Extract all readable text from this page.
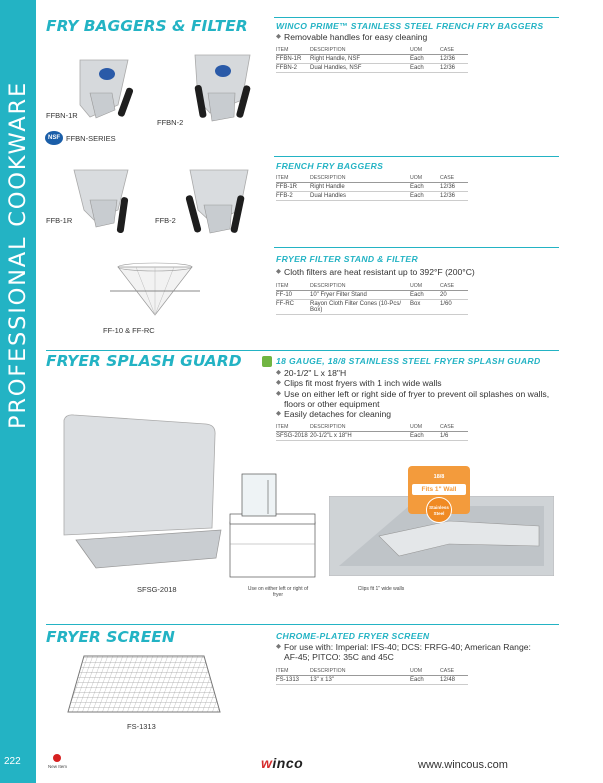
PROFESSIONAL COOKWARE
222
FRY BAGGERS & FILTER
FFBN-1R
FFBN-2
NSF FFBN-SERIES
WINCO PRIME™ STAINLESS STEEL FRENCH FRY BAGGERS
◆ Removable handles for easy cleaning
ITEM	DESCRIPTION	UOM	CASE
FFBN-1R	Right Handle, NSF	Each	12/36
FFBN-2	Dual Handles, NSF	Each	12/36
FFB-1R	FFB-2
FRENCH FRY BAGGERS
ITEM	DESCRIPTION	UOM	CASE
FFB-1R	Right Handle	Each	12/36
FFB-2	Dual Handles	Each	12/36
FF-10 & FF-RC
FRYER FILTER STAND & FILTER
◆ Cloth filters are heat resistant up to 392°F (200°C)
ITEM	DESCRIPTION	UOM	CASE
FF-10	10" Fryer Filter Stand	Each	20
FF-RC	Rayon Cloth Filter Cones (10-Pcs/ Box)	Box	1/60
FRYER SPLASH GUARD	18 GAUGE, 18/8 STAINLESS STEEL FRYER SPLASH GUARD
◆ 20-1/2" L x 18"H
◆ Clips fit most fryers with 1 inch wide walls
◆ Use on either left or right side of fryer to prevent oil splashes on walls, floors or other equipment
◆ Easily detaches for cleaning
ITEM	DESCRIPTION	UOM	CASE
SFSG-2018	20-1/2"L x 18"H	Each	1/6
SFSG-2018	Use on either left or right of fryer
Clips fit 1" wide walls
18/8
Fits 1" Wall
Stainless Steel
FRYER SCREEN	CHROME-PLATED FRYER SCREEN
◆ For use with: Imperial: IFS-40; DCS: FRFG-40; American Range: AF-45; PITCO: 35C and 45C
ITEM	DESCRIPTION	UOM	CASE
FS-1313	13" x 13"	Each	12/48
FS-1313
New Item	winco	www.wincous.com
